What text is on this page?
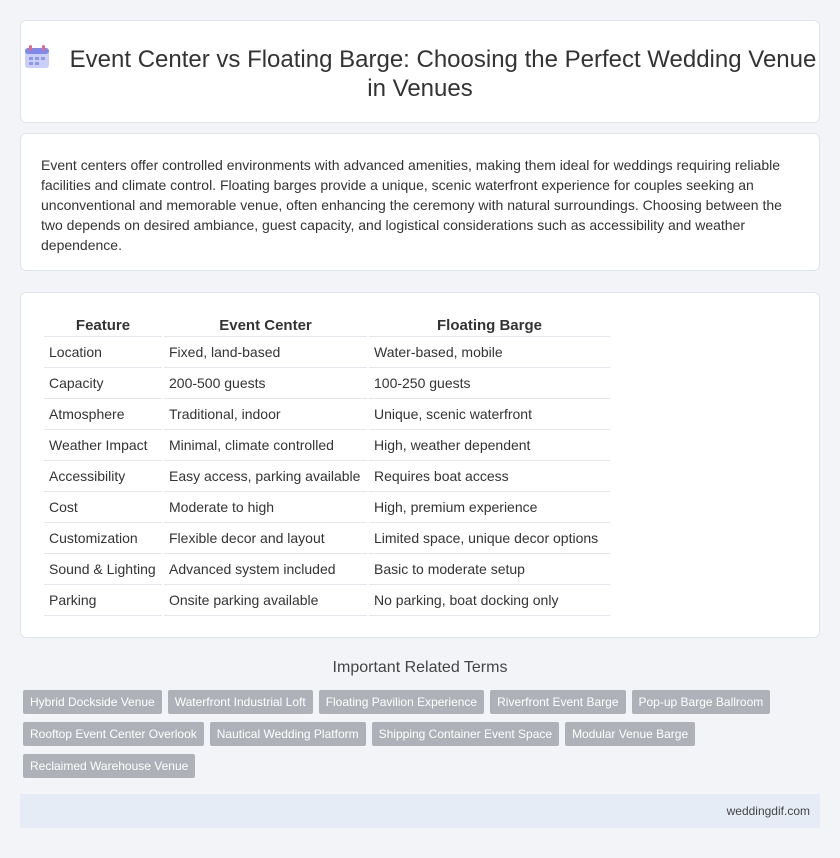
Event Center vs Floating Barge: Choosing the Perfect Wedding Venue in Venues

Event centers offer controlled environments with advanced amenities, making them ideal for weddings requiring reliable facilities and climate control. Floating barges provide a unique, scenic waterfront experience for couples seeking an unconventional and memorable venue, often enhancing the ceremony with natural surroundings. Choosing between the two depends on desired ambiance, guest capacity, and logistical considerations such as accessibility and weather dependence.

Feature	Event Center	Floating Barge
Location	Fixed, land-based	Water-based, mobile
Capacity	200-500 guests	100-250 guests
Atmosphere	Traditional, indoor	Unique, scenic waterfront
Weather Impact	Minimal, climate controlled	High, weather dependent
Accessibility	Easy access, parking available	Requires boat access
Cost	Moderate to high	High, premium experience
Customization	Flexible decor and layout	Limited space, unique decor options
Sound & Lighting	Advanced system included	Basic to moderate setup
Parking	Onsite parking available	No parking, boat docking only
Important Related Terms
Hybrid Dockside Venue Waterfront Industrial Loft Floating Pavilion Experience Riverfront Event Barge Pop-up Barge BallroomRooftop Event Center Overlook Nautical Wedding Platform Shipping Container Event Space Modular Venue BargeReclaimed Warehouse Venue
weddingdif.com
